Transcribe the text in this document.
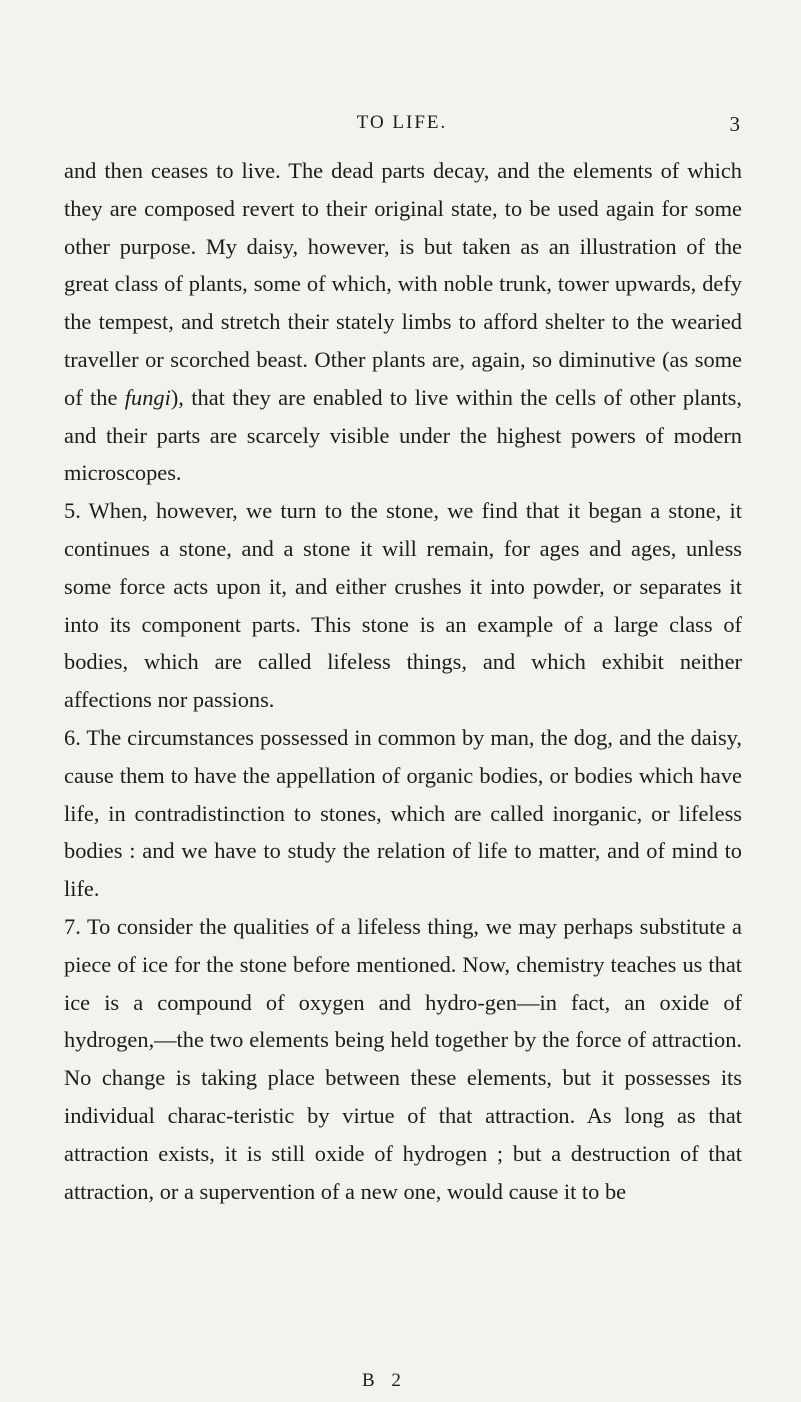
TO LIFE.	3

and then ceases to live. The dead parts decay, and the elements of which they are composed revert to their original state, to be used again for some other purpose. My daisy, however, is but taken as an illustration of the great class of plants, some of which, with noble trunk, tower upwards, defy the tempest, and stretch their stately limbs to afford shelter to the wearied traveller or scorched beast. Other plants are, again, so diminutive (as some of the fungi), that they are enabled to live within the cells of other plants, and their parts are scarcely visible under the highest powers of modern microscopes.

5. When, however, we turn to the stone, we find that it began a stone, it continues a stone, and a stone it will remain, for ages and ages, unless some force acts upon it, and either crushes it into powder, or separates it into its component parts. This stone is an example of a large class of bodies, which are called lifeless things, and which exhibit neither affections nor passions.

6. The circumstances possessed in common by man, the dog, and the daisy, cause them to have the appellation of organic bodies, or bodies which have life, in contradistinction to stones, which are called inorganic, or lifeless bodies : and we have to study the relation of life to matter, and of mind to life.

7. To consider the qualities of a lifeless thing, we may perhaps substitute a piece of ice for the stone before mentioned. Now, chemistry teaches us that ice is a compound of oxygen and hydro-gen—in fact, an oxide of hydrogen,—the two elements being held together by the force of attraction. No change is taking place between these elements, but it possesses its individual charac-teristic by virtue of that attraction. As long as that attraction exists, it is still oxide of hydrogen ; but a destruction of that attraction, or a supervention of a new one, would cause it to be

B 2
